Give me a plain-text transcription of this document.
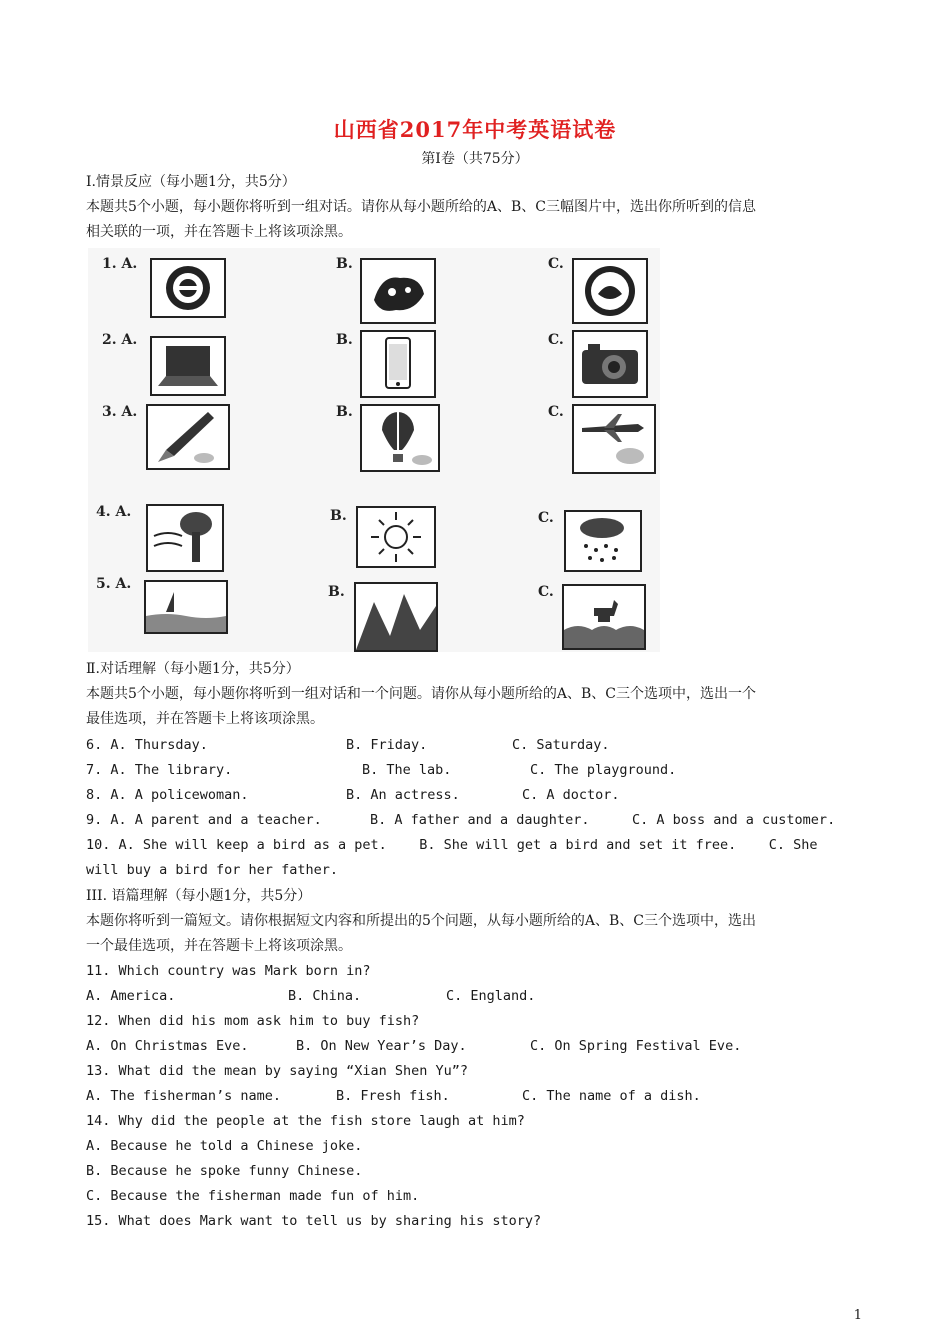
山西省2017年中考英语试卷
第Ⅰ卷（共75分）
Ⅰ.情景反应（每小题1分，共5分）
本题共5个小题，每小题你将听到一组对话。请你从每小题所给的A、B、C三幅图片中，选出你所听到的信息
相关联的一项，并在答题卡上将该项涂黑。
1. A.	B.	C.
2. A.	B.	C.
3. A.	B.	C.
4. A.	B.	C.
5. A.	B.	C.
Ⅱ.对话理解（每小题1分，共5分）
本题共5个小题，每小题你将听到一组对话和一个问题。请你从每小题所给的A、B、C三个选项中，选出一个
最佳选项，并在答题卡上将该项涂黑。
6. A. Thursday.	B. Friday.	C. Saturday.
7. A. The library.	B. The lab.	C. The playground.
8. A. A policewoman.	B. An actress.	C. A doctor.
9. A. A parent and a teacher.	B. A father and a daughter.	C. A boss and a customer.
10. A. She will keep a bird as a pet.    B. She will get a bird and set it free.    C. She
will buy a bird for her father.
III. 语篇理解（每小题1分，共5分）
本题你将听到一篇短文。请你根据短文内容和所提出的5个问题，从每小题所给的A、B、C三个选项中，选出
一个最佳选项，并在答题卡上将该项涂黑。
11. Which country was Mark born in?
A. America.	B. China.	C. England.
12. When did his mom ask him to buy fish?
A. On Christmas Eve.	B. On New Year’s Day.	C. On Spring Festival Eve.
13. What did the mean by saying “Xian Shen Yu”?
A. The fisherman’s name.	B. Fresh fish.	C. The name of a dish.
14. Why did the people at the fish store laugh at him?
A. Because he told a Chinese joke.
B. Because he spoke funny Chinese.
C. Because the fisherman made fun of him.
15. What does Mark want to tell us by sharing his story?
1
